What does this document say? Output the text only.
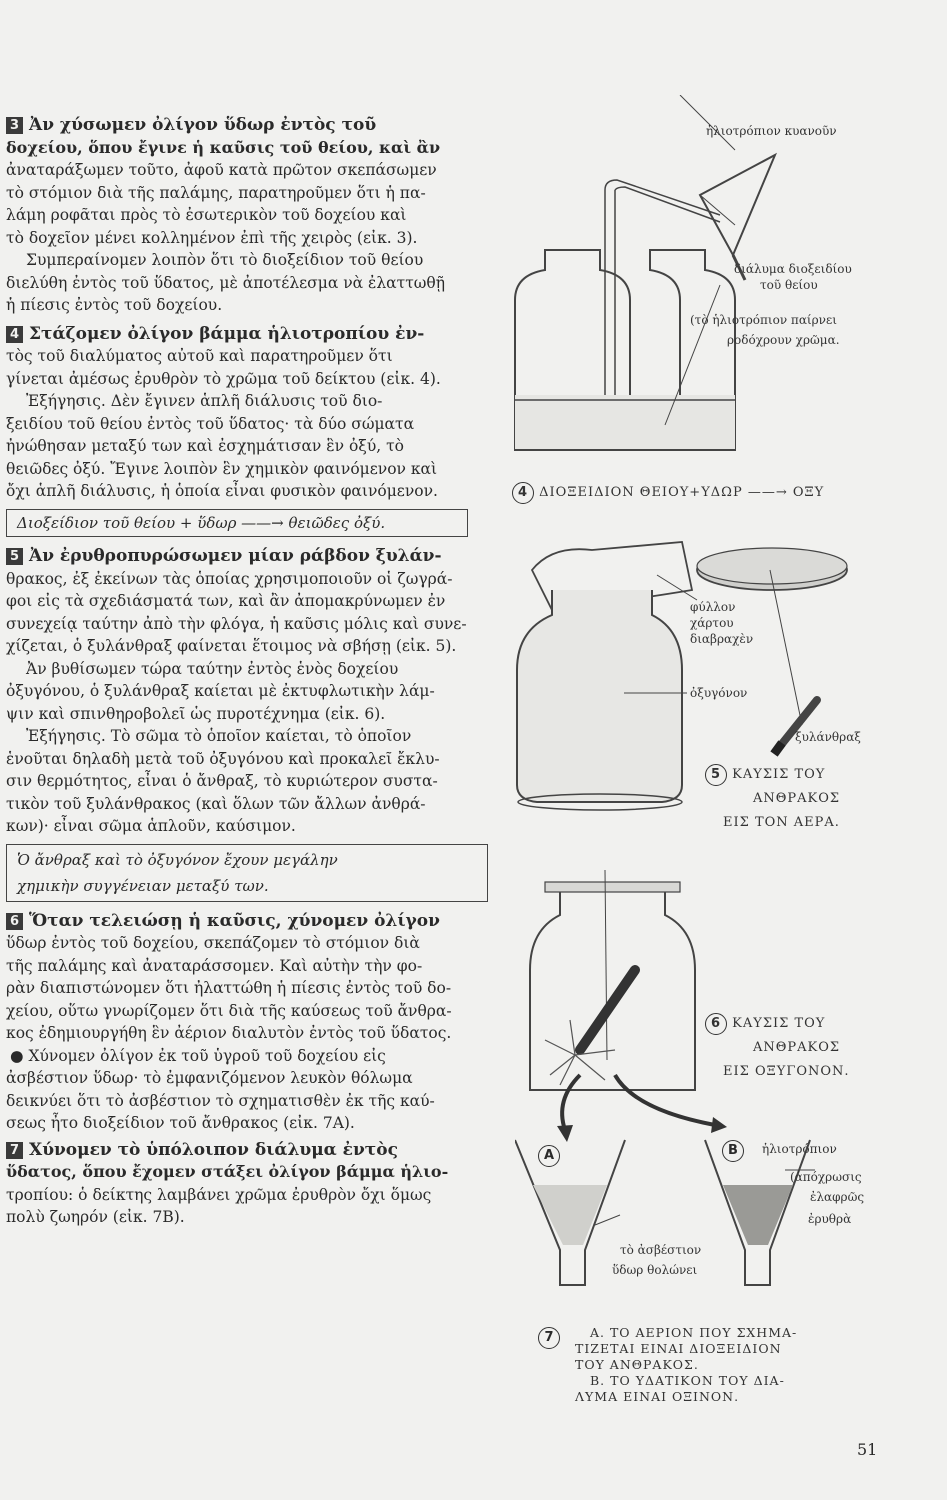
3 Ἀν χύσωμεν ὀλίγον ὕδωρ ἐντὸς τοῦ
δοχείου, ὅπου ἔγινε ἡ καῦσις τοῦ θείου, καὶ ἂν
ἀναταράξωμεν τοῦτο, ἀφοῦ κατὰ πρῶτον σκεπάσωμεν
τὸ στόμιον διὰ τῆς παλάμης, παρατηροῦμεν ὅτι ἡ πα-
λάμη ροφᾶται πρὸς τὸ ἐσωτερικὸν τοῦ δοχείου καὶ
τὸ δοχεῖον μένει κολλημένον ἐπὶ τῆς χειρὸς (εἰκ. 3).
Συμπεραίνομεν λοιπὸν ὅτι τὸ διοξείδιον τοῦ θείου
διελύθη ἐντὸς τοῦ ὕδατος, μὲ ἀποτέλεσμα νὰ ἐλαττωθῇ
ἡ πίεσις ἐντὸς τοῦ δοχείου.
4 Στάζομεν ὀλίγον βάμμα ἡλιοτροπίου ἐν-
τὸς τοῦ διαλύματος αὐτοῦ καὶ παρατηροῦμεν ὅτι
γίνεται ἀμέσως ἐρυθρὸν τὸ χρῶμα τοῦ δείκτου (εἰκ. 4).
Ἐξήγησις. Δὲν ἔγινεν ἁπλῆ διάλυσις τοῦ διο-
ξειδίου τοῦ θείου ἐντὸς τοῦ ὕδατος· τὰ δύο σώματα
ἠνώθησαν μεταξύ των καὶ ἐσχημάτισαν ἓν ὀξύ, τὸ
θειῶδες ὀξύ. Ἔγινε λοιπὸν ἓν χημικὸν φαινόμενον καὶ
ὄχι ἁπλῆ διάλυσις, ἡ ὁποία εἶναι φυσικὸν φαινόμενον.
Διοξείδιον τοῦ θείου + ὕδωρ ——→ θειῶδες ὀξύ.
5 Ἀν ἐρυθροπυρώσωμεν μίαν ράβδον ξυλάν-
θρακος, ἐξ ἐκείνων τὰς ὁποίας χρησιμοποιοῦν οἱ ζωγρά-
φοι εἰς τὰ σχεδιάσματά των, καὶ ἂν ἀπομακρύνωμεν ἐν
συνεχείᾳ ταύτην ἀπὸ τὴν φλόγα, ἡ καῦσις μόλις καὶ συνε-
χίζεται, ὁ ξυλάνθραξ φαίνεται ἕτοιμος νὰ σβήσῃ (εἰκ. 5).
Ἀν βυθίσωμεν τώρα ταύτην ἐντὸς ἑνὸς δοχείου
ὀξυγόνου, ὁ ξυλάνθραξ καίεται μὲ ἐκτυφλωτικὴν λάμ-
ψιν καὶ σπινθηροβολεῖ ὡς πυροτέχνημα (εἰκ. 6).
Ἐξήγησις. Τὸ σῶμα τὸ ὁποῖον καίεται, τὸ ὁποῖον
ἑνοῦται δηλαδὴ μετὰ τοῦ ὀξυγόνου καὶ προκαλεῖ ἔκλυ-
σιν θερμότητος, εἶναι ὁ ἄνθραξ, τὸ κυριώτερον συστα-
τικὸν τοῦ ξυλάνθρακος (καὶ ὅλων τῶν ἄλλων ἀνθρά-
κων)· εἶναι σῶμα ἁπλοῦν, καύσιμον.
Ὁ ἄνθραξ καὶ τὸ ὀξυγόνον ἔχουν μεγάλην
χημικὴν συγγένειαν μεταξύ των.
6 Ὅταν τελειώσῃ ἡ καῦσις, χύνομεν ὀλίγον
ὕδωρ ἐντὸς τοῦ δοχείου, σκεπάζομεν τὸ στόμιον διὰ
τῆς παλάμης καὶ ἀναταράσσομεν. Καὶ αὐτὴν τὴν φο-
ρὰν διαπιστώνομεν ὅτι ἠλαττώθη ἡ πίεσις ἐντὸς τοῦ δο-
χείου, οὕτω γνωρίζομεν ὅτι διὰ τῆς καύσεως τοῦ ἄνθρα-
κος ἐδημιουργήθη ἓν ἀέριον διαλυτὸν ἐντὸς τοῦ ὕδατος.
● Χύνομεν ὀλίγον ἐκ τοῦ ὑγροῦ τοῦ δοχείου εἰς
ἀσβέστιον ὕδωρ· τὸ ἐμφανιζόμενον λευκὸν θόλωμα
δεικνύει ὅτι τὸ ἀσβέστιον τὸ σχηματισθὲν ἐκ τῆς καύ-
σεως ἦτο διοξείδιον τοῦ ἄνθρακος (εἰκ. 7A).
7 Χύνομεν τὸ ὑπόλοιπον διάλυμα ἐντὸς
ὕδατος, ὅπου ἔχομεν στάξει ὀλίγον βάμμα ἡλιο-
τροπίου: ὁ δείκτης λαμβάνει χρῶμα ἐρυθρὸν ὄχι ὅμως
πολὺ ζωηρόν (εἰκ. 7B).
ἡλιοτρόπιον κυανοῦν
διάλυμα διοξειδίου
τοῦ θείου
(τὸ ἡλιοτρόπιον παίρνει
ροδόχρουν χρῶμα.
4 ΔΙΟΞΕΙΔΙΟΝ ΘΕΙΟΥ+ΥΔΩΡ ——→ ΟΞΥ
φύλλον
χάρτου
διαβραχὲν
ὀξυγόνον
ξυλάνθραξ
5 ΚΑΥΣΙΣ ΤΟΥ
ΑΝΘΡΑΚΟΣ
ΕΙΣ ΤΟΝ ΑΕΡΑ.
6 ΚΑΥΣΙΣ ΤΟΥ
ΑΝΘΡΑΚΟΣ
ΕΙΣ ΟΞΥΓΟΝΟΝ.
A	B	ἡλιοτρόπιον
(ἀπόχρωσις
ἐλαφρῶς
ἐρυθρὰ
τὸ ἀσβέστιον
ὕδωρ θολώνει
7	A. ΤΟ ΑΕΡΙΟΝ ΠΟΥ ΣΧΗΜΑ-
ΤΙΖΕΤΑΙ ΕΙΝΑΙ ΔΙΟΞΕΙΔΙΟΝ
ΤΟΥ ΑΝΘΡΑΚΟΣ.
B. ΤΟ ΥΔΑΤΙΚΟΝ ΤΟΥ ΔΙΑ-
ΛΥΜΑ ΕΙΝΑΙ ΟΞΙΝΟΝ.
51
